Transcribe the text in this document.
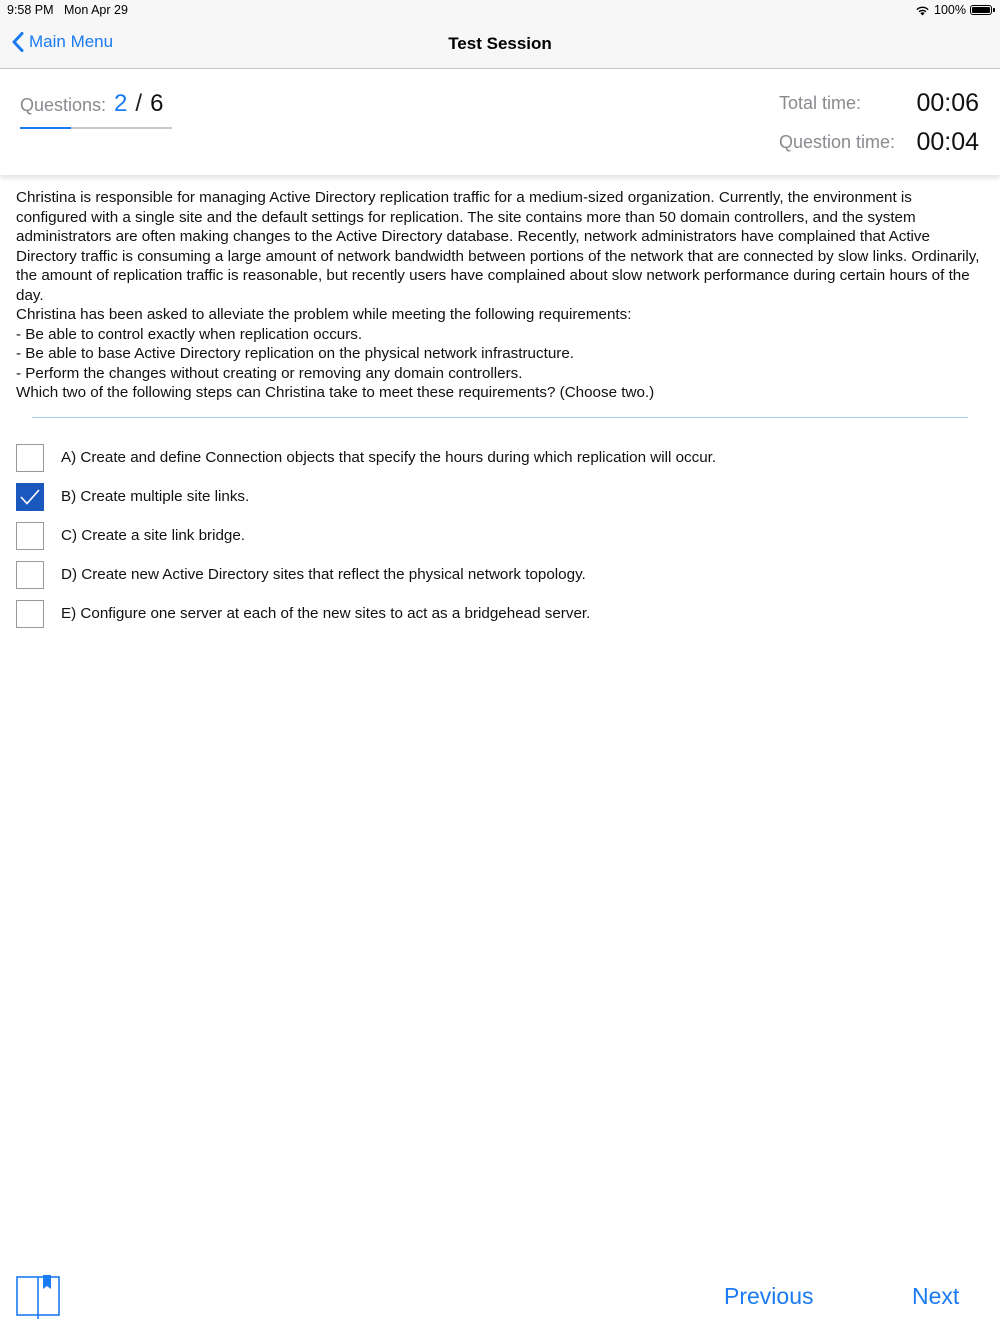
9:58 PM Mon Apr 29	100%
Main Menu	Test Session
Questions: 2 / 6	Total time: 00:06
Question time: 00:04

Christina is responsible for managing Active Directory replication traffic for a medium-sized organization. Currently, the environment is configured with a single site and the default settings for replication. The site contains more than 50 domain controllers, and the system administrators are often making changes to the Active Directory database. Recently, network administrators have complained that Active Directory traffic is consuming a large amount of network bandwidth between portions of the network that are connected by slow links. Ordinarily, the amount of replication traffic is reasonable, but recently users have complained about slow network performance during certain hours of the day.

Christina has been asked to alleviate the problem while meeting the following requirements:

- Be able to control exactly when replication occurs.

- Be able to base Active Directory replication on the physical network infrastructure.

- Perform the changes without creating or removing any domain controllers.

Which two of the following steps can Christina take to meet these requirements? (Choose two.)

A) Create and define Connection objects that specify the hours during which replication will occur.
B) Create multiple site links.
C) Create a site link bridge.
D) Create new Active Directory sites that reflect the physical network topology.
E) Configure one server at each of the new sites to act as a bridgehead server.
Previous	Next
